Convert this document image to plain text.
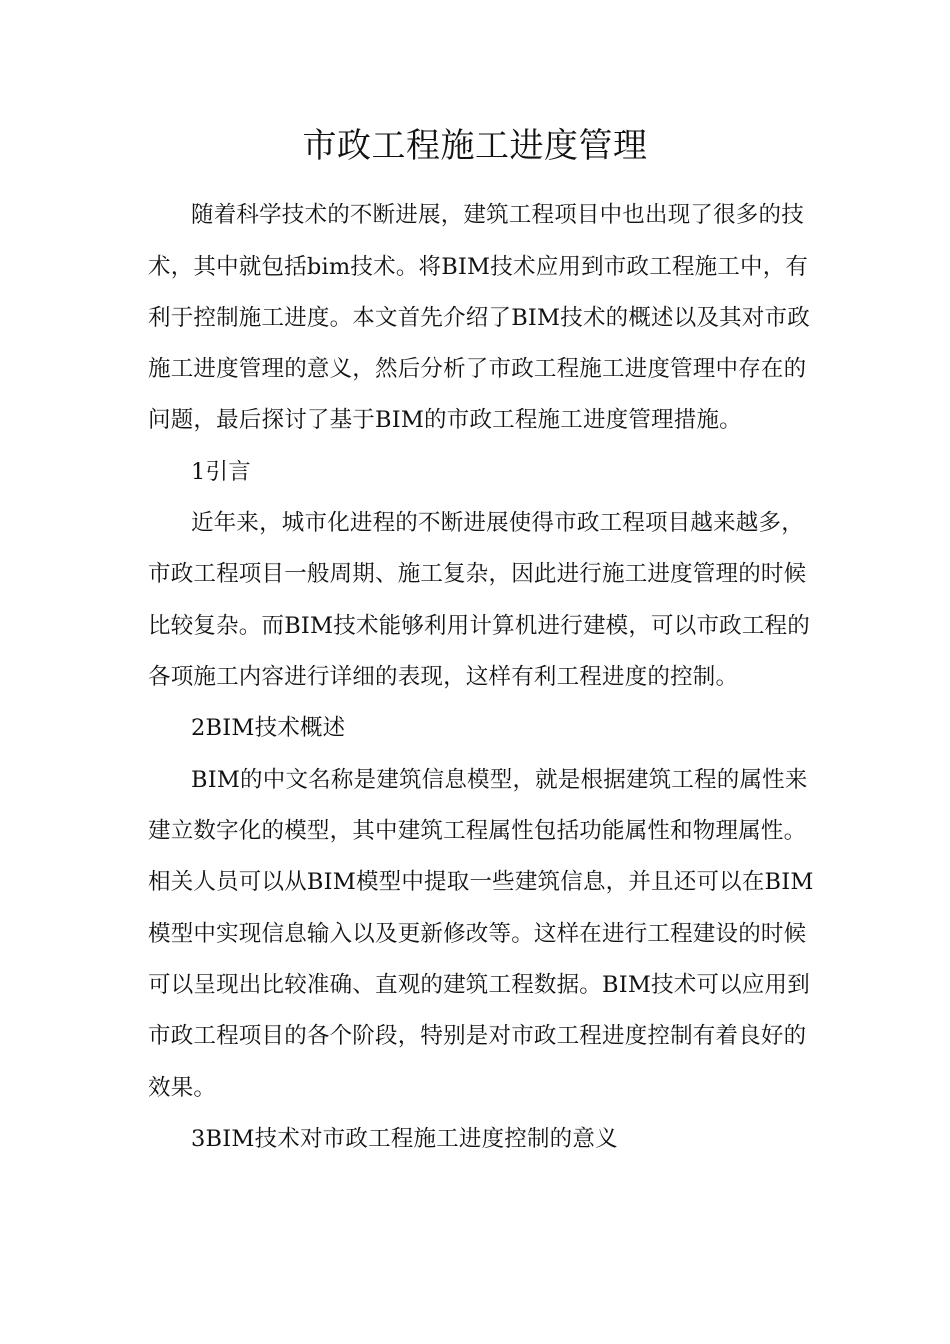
市政工程施工进度管理
随着科学技术的不断进展，建筑工程项目中也出现了很多的技
术，其中就包括bim技术。将BIM技术应用到市政工程施工中，有
利于控制施工进度。本文首先介绍了BIM技术的概述以及其对市政
施工进度管理的意义，然后分析了市政工程施工进度管理中存在的
问题，最后探讨了基于BIM的市政工程施工进度管理措施。
1引言
近年来，城市化进程的不断进展使得市政工程项目越来越多，
市政工程项目一般周期、施工复杂，因此进行施工进度管理的时候
比较复杂。而BIM技术能够利用计算机进行建模，可以市政工程的
各项施工内容进行详细的表现，这样有利工程进度的控制。
2BIM技术概述
BIM的中文名称是建筑信息模型，就是根据建筑工程的属性来
建立数字化的模型，其中建筑工程属性包括功能属性和物理属性。
相关人员可以从BIM模型中提取一些建筑信息，并且还可以在BIM
模型中实现信息输入以及更新修改等。这样在进行工程建设的时候
可以呈现出比较准确、直观的建筑工程数据。BIM技术可以应用到
市政工程项目的各个阶段，特别是对市政工程进度控制有着良好的
效果。
3BIM技术对市政工程施工进度控制的意义
